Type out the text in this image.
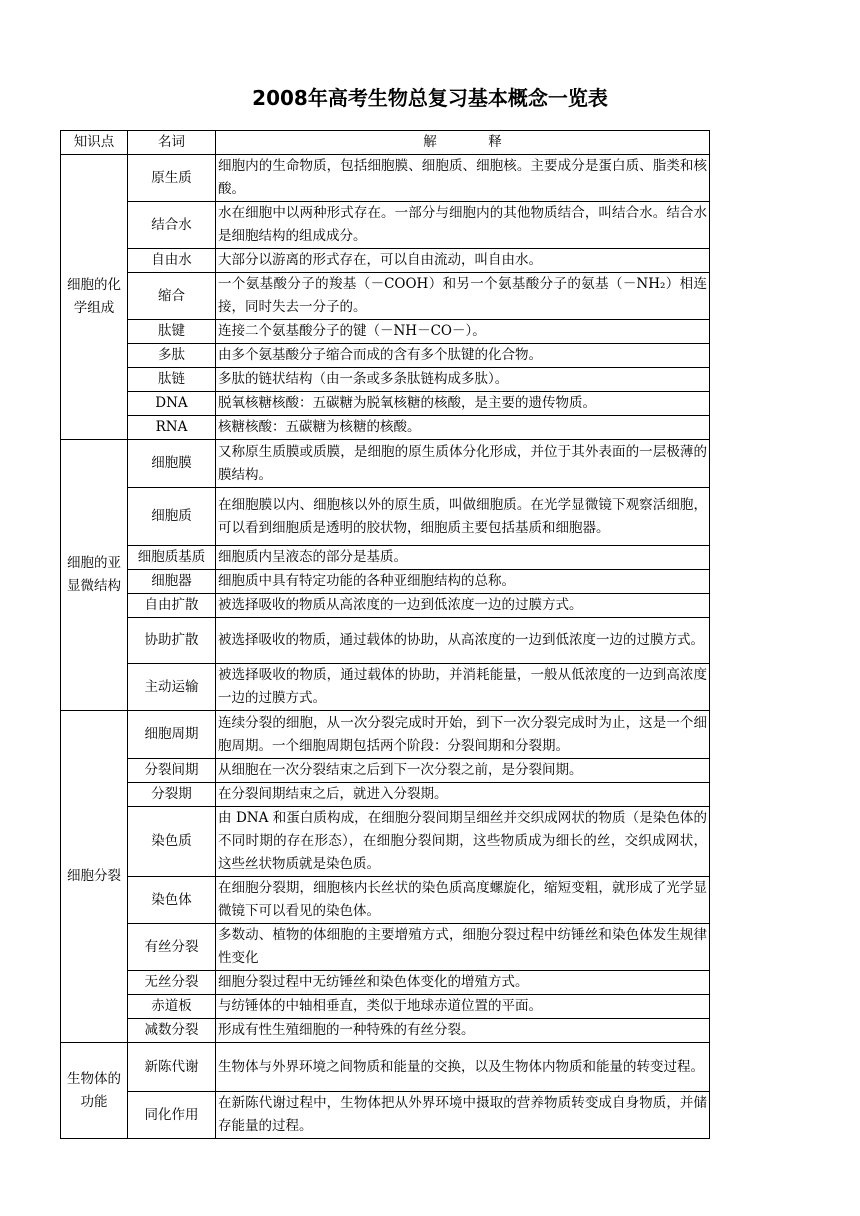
2008年高考生物总复习基本概念一览表
知识点	名词	解            释
细胞的化学组成	原生质	细胞内的生命物质，包括细胞膜、细胞质、细胞核。主要成分是蛋白质、脂类和核酸。
	结合水	水在细胞中以两种形式存在。一部分与细胞内的其他物质结合，叫结合水。结合水是细胞结构的组成成分。
	自由水	大部分以游离的形式存在，可以自由流动，叫自由水。
	缩合	一个氨基酸分子的羧基（－COOH）和另一个氨基酸分子的氨基（－NH₂）相连接，同时失去一分子的。
	肽键	连接二个氨基酸分子的键（－NH－CO－）。
	多肽	由多个氨基酸分子缩合而成的含有多个肽键的化合物。
	肽链	多肽的链状结构（由一条或多条肽链构成多肽）。
	DNA	脱氧核糖核酸：五碳糖为脱氧核糖的核酸，是主要的遗传物质。
	RNA	核糖核酸：五碳糖为核糖的核酸。
细胞的亚显微结构	细胞膜	又称原生质膜或质膜，是细胞的原生质体分化形成，并位于其外表面的一层极薄的膜结构。
	细胞质	在细胞膜以内、细胞核以外的原生质，叫做细胞质。在光学显微镜下观察活细胞，可以看到细胞质是透明的胶状物，细胞质主要包括基质和细胞器。
	细胞质基质	细胞质内呈液态的部分是基质。
	细胞器	细胞质中具有特定功能的各种亚细胞结构的总称。
	自由扩散	被选择吸收的物质从高浓度的一边到低浓度一边的过膜方式。
	协助扩散	被选择吸收的物质，通过载体的协助，从高浓度的一边到低浓度一边的过膜方式。
	主动运输	被选择吸收的物质，通过载体的协助，并消耗能量，一般从低浓度的一边到高浓度一边的过膜方式。
细胞分裂	细胞周期	连续分裂的细胞，从一次分裂完成时开始，到下一次分裂完成时为止，这是一个细胞周期。一个细胞周期包括两个阶段：分裂间期和分裂期。
	分裂间期	从细胞在一次分裂结束之后到下一次分裂之前，是分裂间期。
	分裂期	在分裂间期结束之后，就进入分裂期。
	染色质	由 DNA 和蛋白质构成，在细胞分裂间期呈细丝并交织成网状的物质（是染色体的不同时期的存在形态），在细胞分裂间期，这些物质成为细长的丝，交织成网状，这些丝状物质就是染色质。
	染色体	在细胞分裂期，细胞核内长丝状的染色质高度螺旋化，缩短变粗，就形成了光学显微镜下可以看见的染色体。
	有丝分裂	多数动、植物的体细胞的主要增殖方式，细胞分裂过程中纺锤丝和染色体发生规律性变化
	无丝分裂	细胞分裂过程中无纺锤丝和染色体变化的增殖方式。
	赤道板	与纺锤体的中轴相垂直，类似于地球赤道位置的平面。
	减数分裂	形成有性生殖细胞的一种特殊的有丝分裂。
生物体的功能	新陈代谢	生物体与外界环境之间物质和能量的交换，以及生物体内物质和能量的转变过程。
	同化作用	在新陈代谢过程中，生物体把从外界环境中摄取的营养物质转变成自身物质，并储存能量的过程。
